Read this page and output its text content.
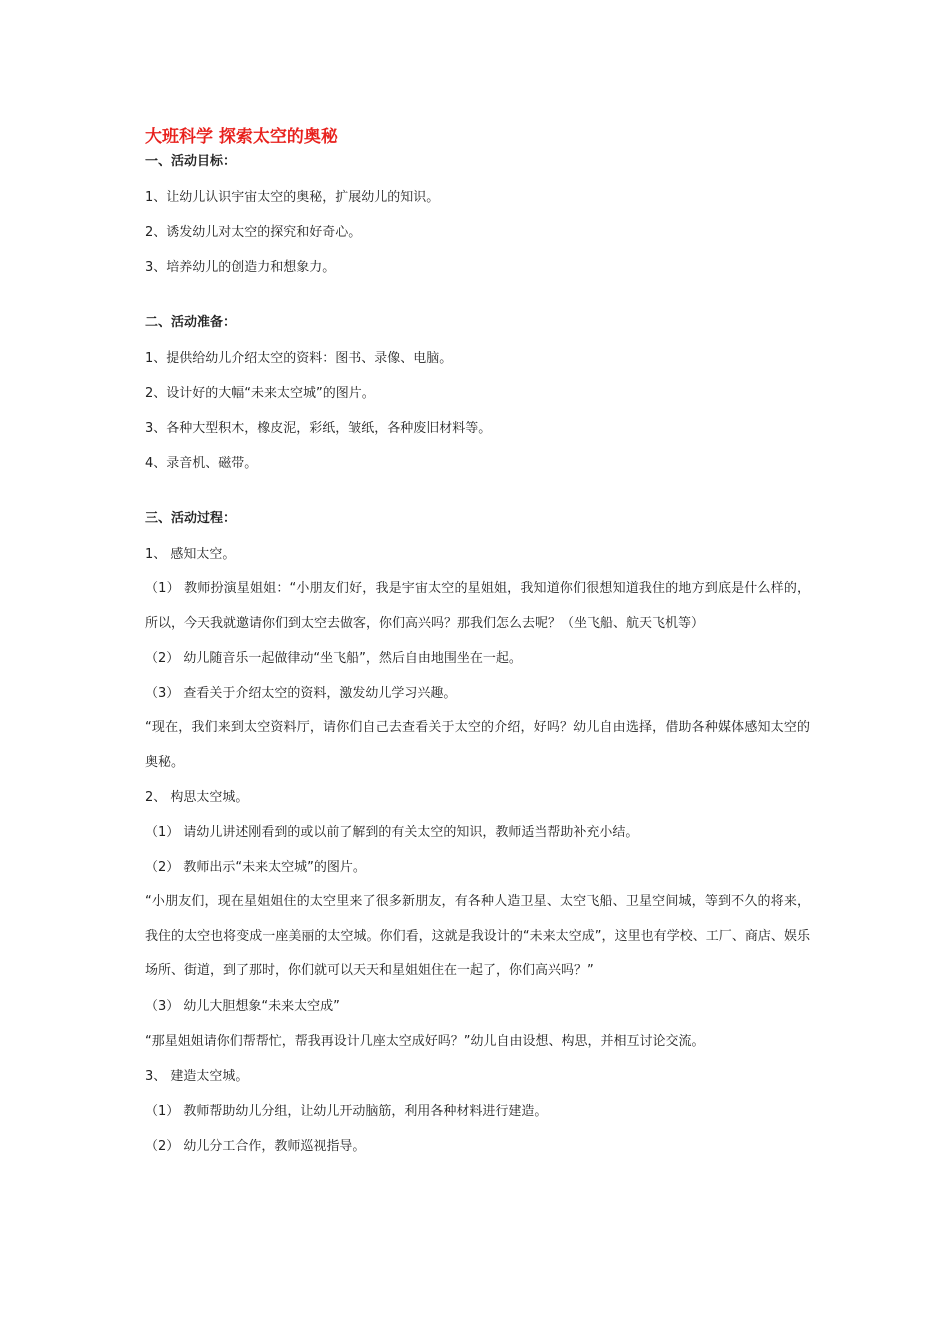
大班科学 探索太空的奥秘

一、活动目标：

1、让幼儿认识宇宙太空的奥秘，扩展幼儿的知识。

2、诱发幼儿对太空的探究和好奇心。

3、培养幼儿的创造力和想象力。

二、活动准备：

1、提供给幼儿介绍太空的资料：图书、录像、电脑。

2、设计好的大幅“未来太空城”的图片。

3、各种大型积木，橡皮泥，彩纸，皱纸，各种废旧材料等。

4、录音机、磁带。

三、活动过程：

1、 感知太空。

（1） 教师扮演星姐姐：“小朋友们好，我是宇宙太空的星姐姐，我知道你们很想知道我住的地方到底是什么样的，所以，今天我就邀请你们到太空去做客，你们高兴吗？那我们怎么去呢？（坐飞船、航天飞机等）

（2） 幼儿随音乐一起做律动“坐飞船”，然后自由地围坐在一起。

（3） 查看关于介绍太空的资料，激发幼儿学习兴趣。

“现在，我们来到太空资料厅，请你们自己去查看关于太空的介绍，好吗？幼儿自由选择，借助各种媒体感知太空的奥秘。

2、 构思太空城。

（1） 请幼儿讲述刚看到的或以前了解到的有关太空的知识，教师适当帮助补充小结。

（2） 教师出示“未来太空城”的图片。

“小朋友们，现在星姐姐住的太空里来了很多新朋友，有各种人造卫星、太空飞船、卫星空间城，等到不久的将来，我住的太空也将变成一座美丽的太空城。你们看，这就是我设计的“未来太空成”，这里也有学校、工厂、商店、娱乐场所、街道，到了那时，你们就可以天天和星姐姐住在一起了，你们高兴吗？”

（3） 幼儿大胆想象“未来太空成”

“那星姐姐请你们帮帮忙，帮我再设计几座太空成好吗？”幼儿自由设想、构思，并相互讨论交流。

3、 建造太空城。

（1） 教师帮助幼儿分组，让幼儿开动脑筋，利用各种材料进行建造。

（2） 幼儿分工合作，教师巡视指导。
